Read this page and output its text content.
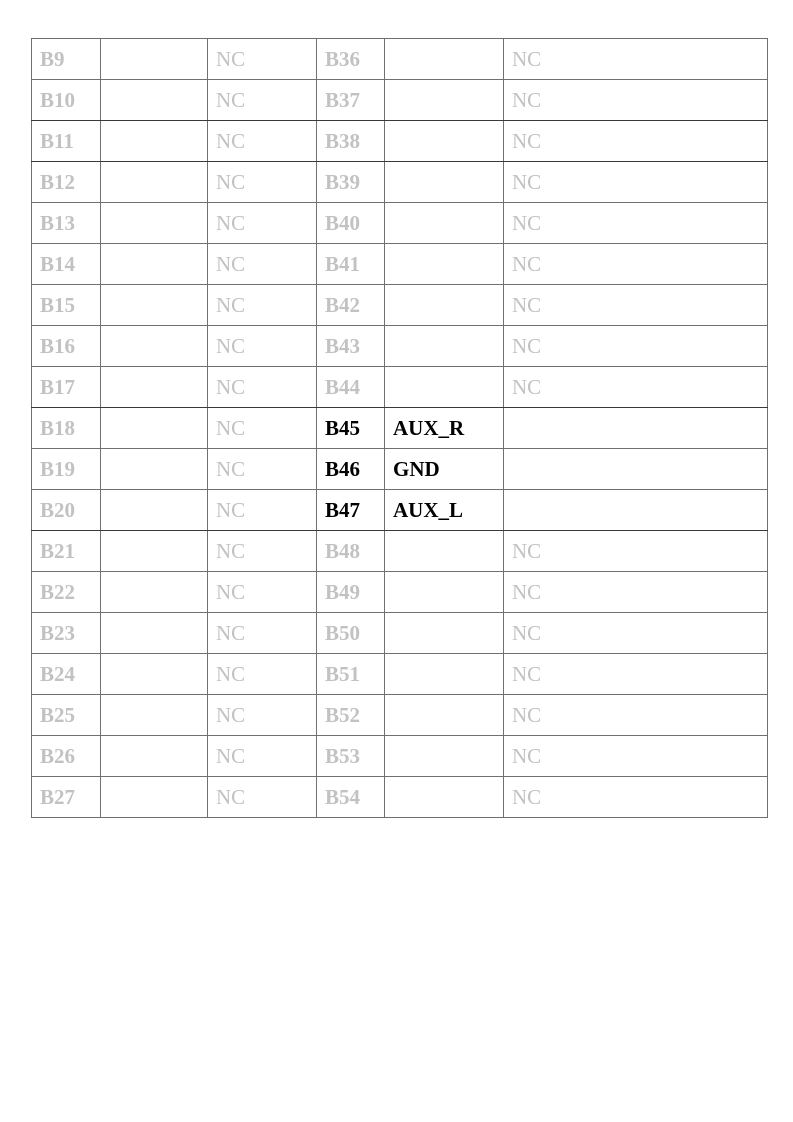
B9		NC	B36		NC
B10		NC	B37		NC
B11		NC	B38		NC
B12		NC	B39		NC
B13		NC	B40		NC
B14		NC	B41		NC
B15		NC	B42		NC
B16		NC	B43		NC
B17		NC	B44		NC
B18		NC	B45	AUX_R	
B19		NC	B46	GND	
B20		NC	B47	AUX_L	
B21		NC	B48		NC
B22		NC	B49		NC
B23		NC	B50		NC
B24		NC	B51		NC
B25		NC	B52		NC
B26		NC	B53		NC
B27		NC	B54		NC
